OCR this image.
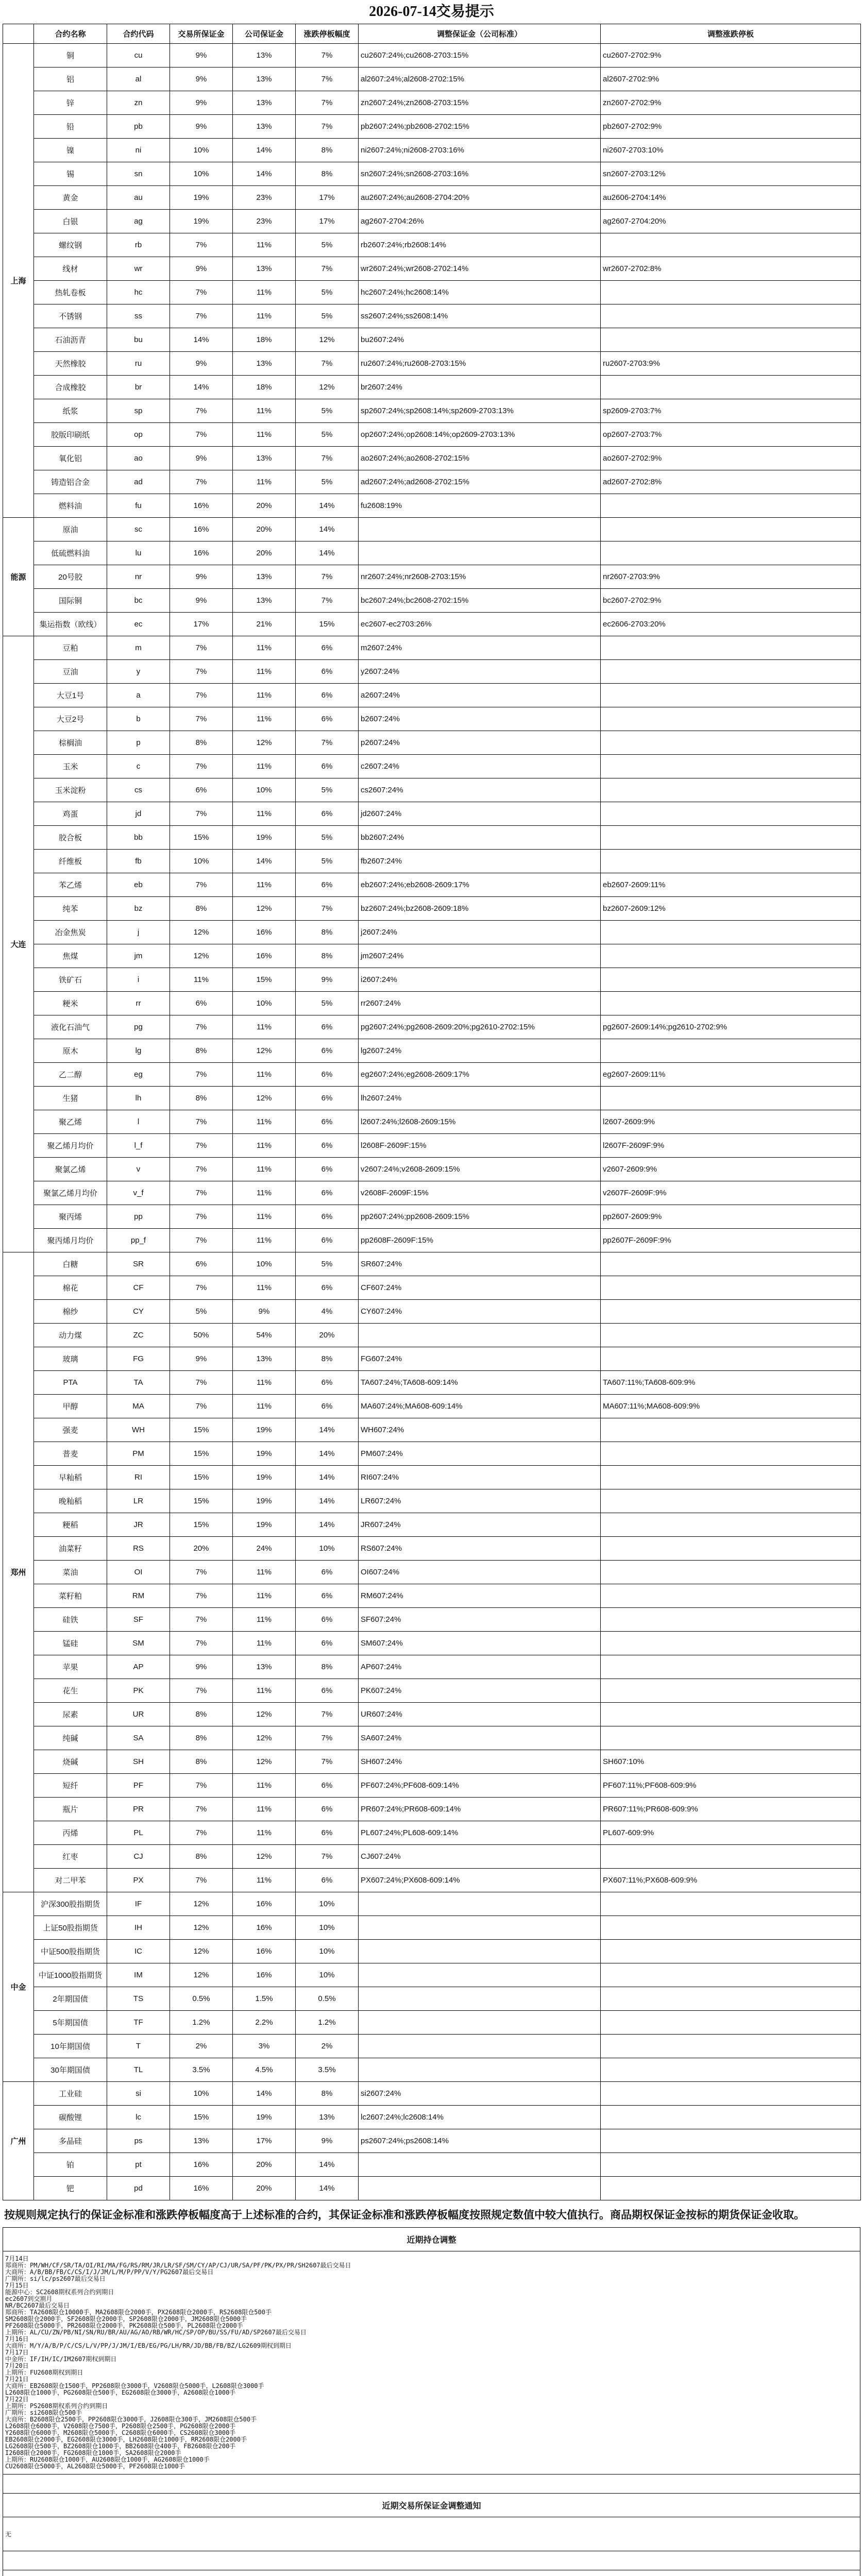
2026-07-14交易提示
	合约名称	合约代码	交易所保证金	公司保证金	涨跌停板幅度	调整保证金（公司标准）	调整涨跌停板
上海	铜	cu	9%	13%	7%	cu2607:24%;cu2608-2703:15%	cu2607-2702:9%
	铝	al	9%	13%	7%	al2607:24%;al2608-2702:15%	al2607-2702:9%
	锌	zn	9%	13%	7%	zn2607:24%;zn2608-2703:15%	zn2607-2702:9%
	铅	pb	9%	13%	7%	pb2607:24%;pb2608-2702:15%	pb2607-2702:9%
	镍	ni	10%	14%	8%	ni2607:24%;ni2608-2703:16%	ni2607-2703:10%
	锡	sn	10%	14%	8%	sn2607:24%;sn2608-2703:16%	sn2607-2703:12%
	黄金	au	19%	23%	17%	au2607:24%;au2608-2704:20%	au2606-2704:14%
	白银	ag	19%	23%	17%	ag2607-2704:26%	ag2607-2704:20%
	螺纹钢	rb	7%	11%	5%	rb2607:24%;rb2608:14%	
	线材	wr	9%	13%	7%	wr2607:24%;wr2608-2702:14%	wr2607-2702:8%
	热轧卷板	hc	7%	11%	5%	hc2607:24%;hc2608:14%	
	不锈钢	ss	7%	11%	5%	ss2607:24%;ss2608:14%	
	石油沥青	bu	14%	18%	12%	bu2607:24%	
	天然橡胶	ru	9%	13%	7%	ru2607:24%;ru2608-2703:15%	ru2607-2703:9%
	合成橡胶	br	14%	18%	12%	br2607:24%	
	纸浆	sp	7%	11%	5%	sp2607:24%;sp2608:14%;sp2609-2703:13%	sp2609-2703:7%
	胶版印刷纸	op	7%	11%	5%	op2607:24%;op2608:14%;op2609-2703:13%	op2607-2703:7%
	氧化铝	ao	9%	13%	7%	ao2607:24%;ao2608-2702:15%	ao2607-2702:9%
	铸造铝合金	ad	7%	11%	5%	ad2607:24%;ad2608-2702:15%	ad2607-2702:8%
	燃料油	fu	16%	20%	14%	fu2608:19%	
能源	原油	sc	16%	20%	14%		
	低硫燃料油	lu	16%	20%	14%		
	20号胶	nr	9%	13%	7%	nr2607:24%;nr2608-2703:15%	nr2607-2703:9%
	国际铜	bc	9%	13%	7%	bc2607:24%;bc2608-2702:15%	bc2607-2702:9%
	集运指数（欧线）	ec	17%	21%	15%	ec2607-ec2703:26%	ec2606-2703:20%
大连	豆粕	m	7%	11%	6%	m2607:24%	
	豆油	y	7%	11%	6%	y2607:24%	
	大豆1号	a	7%	11%	6%	a2607:24%	
	大豆2号	b	7%	11%	6%	b2607:24%	
	棕榈油	p	8%	12%	7%	p2607:24%	
	玉米	c	7%	11%	6%	c2607:24%	
	玉米淀粉	cs	6%	10%	5%	cs2607:24%	
	鸡蛋	jd	7%	11%	6%	jd2607:24%	
	胶合板	bb	15%	19%	5%	bb2607:24%	
	纤维板	fb	10%	14%	5%	fb2607:24%	
	苯乙烯	eb	7%	11%	6%	eb2607:24%;eb2608-2609:17%	eb2607-2609:11%
	纯苯	bz	8%	12%	7%	bz2607:24%;bz2608-2609:18%	bz2607-2609:12%
	冶金焦炭	j	12%	16%	8%	j2607:24%	
	焦煤	jm	12%	16%	8%	jm2607:24%	
	铁矿石	i	11%	15%	9%	i2607:24%	
	粳米	rr	6%	10%	5%	rr2607:24%	
	液化石油气	pg	7%	11%	6%	pg2607:24%;pg2608-2609:20%;pg2610-2702:15%	pg2607-2609:14%;pg2610-2702:9%
	原木	lg	8%	12%	6%	lg2607:24%	
	乙二醇	eg	7%	11%	6%	eg2607:24%;eg2608-2609:17%	eg2607-2609:11%
	生猪	lh	8%	12%	6%	lh2607:24%	
	聚乙烯	l	7%	11%	6%	l2607:24%;l2608-2609:15%	l2607-2609:9%
	聚乙烯月均价	l_f	7%	11%	6%	l2608F-2609F:15%	l2607F-2609F:9%
	聚氯乙烯	v	7%	11%	6%	v2607:24%;v2608-2609:15%	v2607-2609:9%
	聚氯乙烯月均价	v_f	7%	11%	6%	v2608F-2609F:15%	v2607F-2609F:9%
	聚丙烯	pp	7%	11%	6%	pp2607:24%;pp2608-2609:15%	pp2607-2609:9%
	聚丙烯月均价	pp_f	7%	11%	6%	pp2608F-2609F:15%	pp2607F-2609F:9%
郑州	白糖	SR	6%	10%	5%	SR607:24%	
	棉花	CF	7%	11%	6%	CF607:24%	
	棉纱	CY	5%	9%	4%	CY607:24%	
	动力煤	ZC	50%	54%	20%		
	玻璃	FG	9%	13%	8%	FG607:24%	
	PTA	TA	7%	11%	6%	TA607:24%;TA608-609:14%	TA607:11%;TA608-609:9%
	甲醇	MA	7%	11%	6%	MA607:24%;MA608-609:14%	MA607:11%;MA608-609:9%
	强麦	WH	15%	19%	14%	WH607:24%	
	普麦	PM	15%	19%	14%	PM607:24%	
	早籼稻	RI	15%	19%	14%	RI607:24%	
	晚籼稻	LR	15%	19%	14%	LR607:24%	
	粳稻	JR	15%	19%	14%	JR607:24%	
	油菜籽	RS	20%	24%	10%	RS607:24%	
	菜油	OI	7%	11%	6%	OI607:24%	
	菜籽粕	RM	7%	11%	6%	RM607:24%	
	硅铁	SF	7%	11%	6%	SF607:24%	
	锰硅	SM	7%	11%	6%	SM607:24%	
	苹果	AP	9%	13%	8%	AP607:24%	
	花生	PK	7%	11%	6%	PK607:24%	
	尿素	UR	8%	12%	7%	UR607:24%	
	纯碱	SA	8%	12%	7%	SA607:24%	
	烧碱	SH	8%	12%	7%	SH607:24%	SH607:10%
	短纤	PF	7%	11%	6%	PF607:24%;PF608-609:14%	PF607:11%;PF608-609:9%
	瓶片	PR	7%	11%	6%	PR607:24%;PR608-609:14%	PR607:11%;PR608-609:9%
	丙烯	PL	7%	11%	6%	PL607:24%;PL608-609:14%	PL607-609:9%
	红枣	CJ	8%	12%	7%	CJ607:24%	
	对二甲苯	PX	7%	11%	6%	PX607:24%;PX608-609:14%	PX607:11%;PX608-609:9%
中金	沪深300股指期货	IF	12%	16%	10%		
	上证50股指期货	IH	12%	16%	10%		
	中证500股指期货	IC	12%	16%	10%		
	中证1000股指期货	IM	12%	16%	10%		
	2年期国债	TS	0.5%	1.5%	0.5%		
	5年期国债	TF	1.2%	2.2%	1.2%		
	10年期国债	T	2%	3%	2%		
	30年期国债	TL	3.5%	4.5%	3.5%		
广州	工业硅	si	10%	14%	8%	si2607:24%	
	碳酸锂	lc	15%	19%	13%	lc2607:24%;lc2608:14%	
	多晶硅	ps	13%	17%	9%	ps2607:24%;ps2608:14%	
	铂	pt	16%	20%	14%		
	钯	pd	16%	20%	14%		
按规则规定执行的保证金标准和涨跌停板幅度高于上述标准的合约，其保证金标准和涨跌停板幅度按照规定数值中较大值执行。商品期权保证金按标的期货保证金收取。
近期持仓调整

7月14日
郑商所：PM/WH/CF/SR/TA/OI/RI/MA/FG/RS/RM/JR/LR/SF/SM/CY/AP/CJ/UR/SA/PF/PK/PX/PR/SH2607最后交易日
大商所：A/B/BB/FB/C/CS/I/J/JM/L/M/P/PP/V/Y/PG2607最后交易日
广期所：si/lc/ps2607最后交易日
7月15日
能源中心：SC2608期权系列合约到期日
ec2607到交割月
NR/BC2607最后交易日
郑商所：TA2608限仓10000手，MA2608限仓2000手，PX2608限仓2000手，RS2608限仓500手
SM2608限仓2000手，SF2608限仓2000手，SP2608限仓2000手，JM2608限仓5000手
PF2608限仓5000手，PR2608限仓2000手，PK2608限仓500手，PL2608限仓2000手
上期所：AL/CU/ZN/PB/NI/SN/RU/BR/AU/AG/AO/RB/WR/HC/SP/OP/BU/SS/FU/AD/SP2607最后交易日
7月16日
大商所：M/Y/A/B/P/C/CS/L/V/PP/J/JM/I/EB/EG/PG/LH/RR/JD/BB/FB/BZ/LG2609期权到期日
7月17日
中金所：IF/IH/IC/IM2607期权到期日
7月20日
上期所：FU2608期权到期日
7月21日
大商所：EB2608限仓1500手，PP2608限仓3000手，V2608限仓5000手，L2608限仓3000手
L2608限仓1000手，PG2608限仓500手，EG2608限仓3000手，A2608限仓1000手
7月22日
上期所：PS2608期权系列合约到期日
广期所：si2608限仓500手
大商所：B2608限仓2500手，PP2608限仓3000手，J2608限仓300手，JM2608限仓500手
L2608限仓6000手，V2608限仓7500手，P2608限仓2500手，PG2608限仓2000手
Y2608限仓6000手，M2608限仓5000手，C2608限仓6000手，CS2608限仓3000手
EB2608限仓2000手，EG2608限仓3000手，LH2608限仓1000手，RR2608限仓2000手
LG2608限仓500手，BZ2608限仓1000手，BB2608限仓400手，FB2608限仓200手
I2608限仓2000手，FG2608限仓1000手，SA2608限仓2000手
上期所：RU2608限仓1000手，AU2608限仓1000手，AG2608限仓1000手
CU2608限仓5000手，AL2608限仓5000手，PF2608限仓1000手
近期交易所保证金调整通知
无
